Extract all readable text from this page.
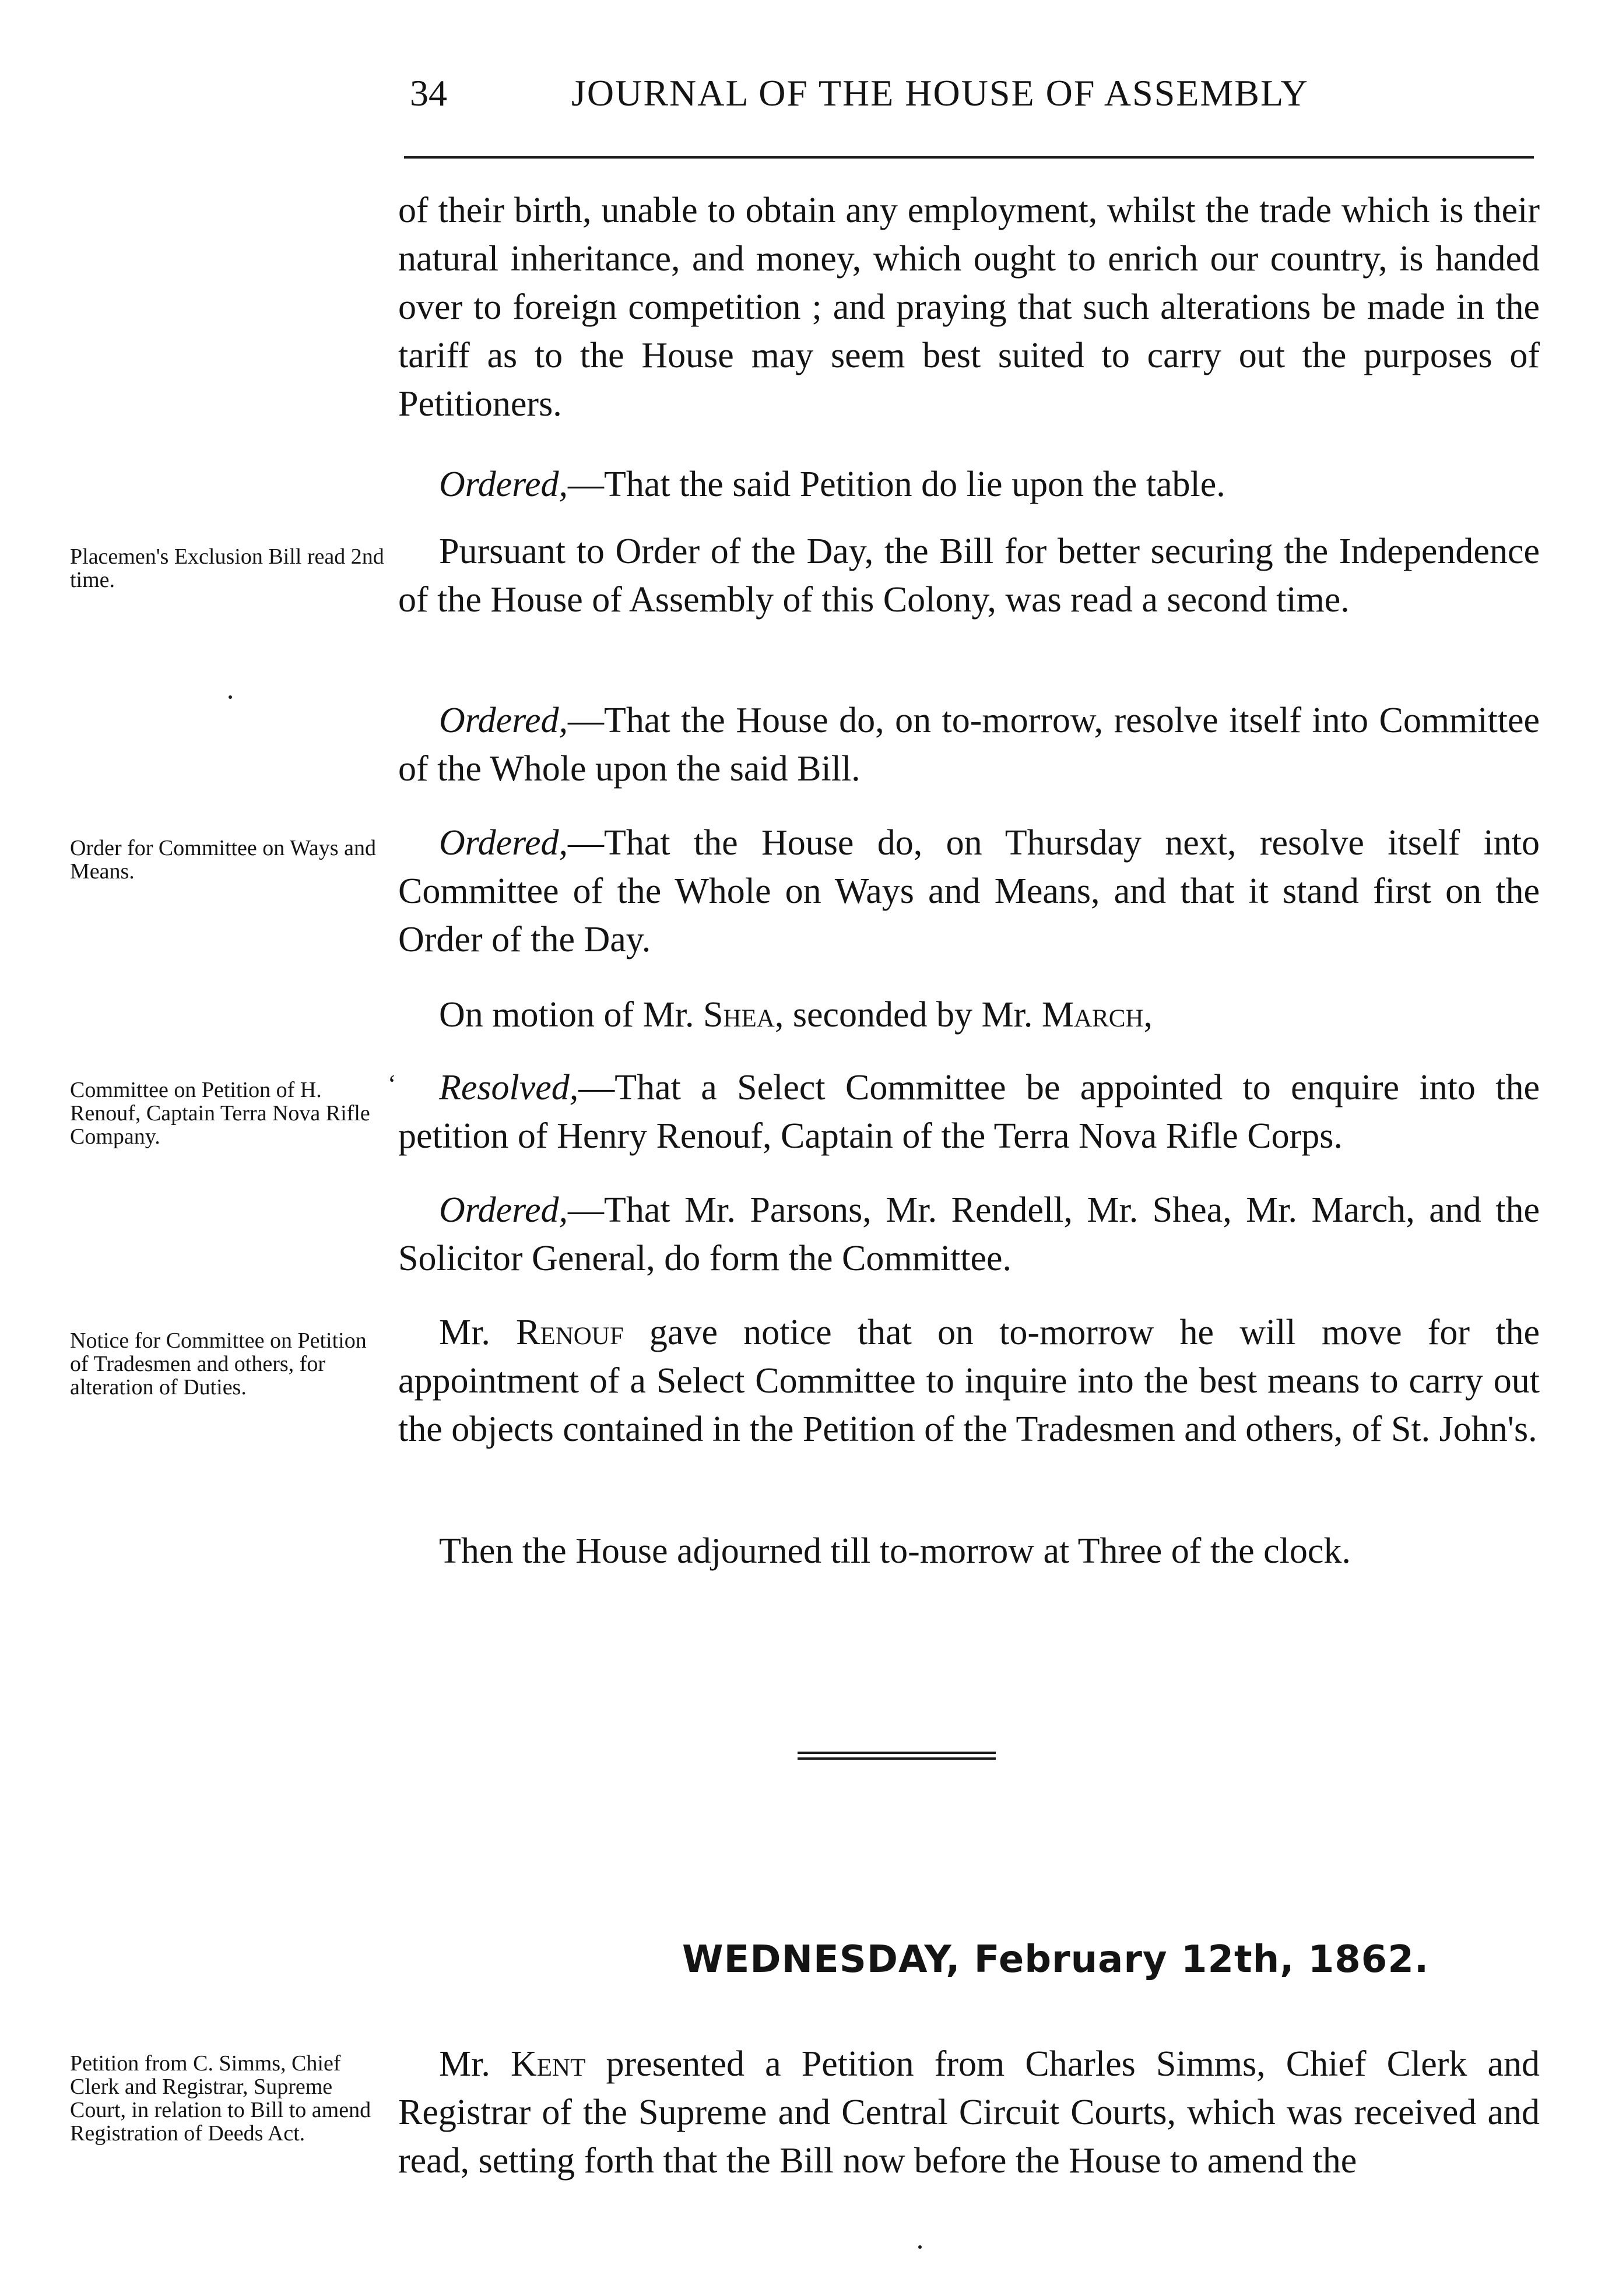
34	JOURNAL OF THE HOUSE OF ASSEMBLY

of their birth, unable to obtain any employment, whilst the trade which is their natural inheritance, and money, which ought to enrich our country, is handed over to foreign competition ; and praying that such alterations be made in the tariff as to the House may seem best suited to carry out the purposes of Petitioners.

Ordered,—That the said Petition do lie upon the table.

Pursuant to Order of the Day, the Bill for better securing the Independence of the House of Assembly of this Colony, was read a second time.

Ordered,—That the House do, on to-morrow, resolve itself into Committee of the Whole upon the said Bill.

Ordered,—That the House do, on Thursday next, resolve itself into Committee of the Whole on Ways and Means, and that it stand first on the Order of the Day.

On motion of Mr. Shea, seconded by Mr. March,

‘	Resolved,—That a Select Committee be appointed to enquire into the petition of Henry Renouf, Captain of the Terra Nova Rifle Corps.

Ordered,—That Mr. Parsons, Mr. Rendell, Mr. Shea, Mr. March, and the Solicitor General, do form the Committee.

Mr. Renouf gave notice that on to-morrow he will move for the appointment of a Select Committee to inquire into the best means to carry out the objects contained in the Petition of the Tradesmen and others, of St. John's.

Then the House adjourned till to-morrow at Three of the clock.

WEDNESDAY, February 12th, 1862.

Mr. Kent presented a Petition from Charles Simms, Chief Clerk and Registrar of the Supreme and Central Circuit Courts, which was received and read, setting forth that the Bill now before the House to amend the

Placemen's Exclusion Bill read 2nd time.
Order for Committee on Ways and Means.
Committee on Petition of H. Renouf, Captain Terra Nova Rifle Company.
Notice for Committee on Petition of Tradesmen and others, for alteration of Duties.
Petition from C. Simms, Chief Clerk and Registrar, Supreme Court, in relation to Bill to amend Registration of Deeds Act.
